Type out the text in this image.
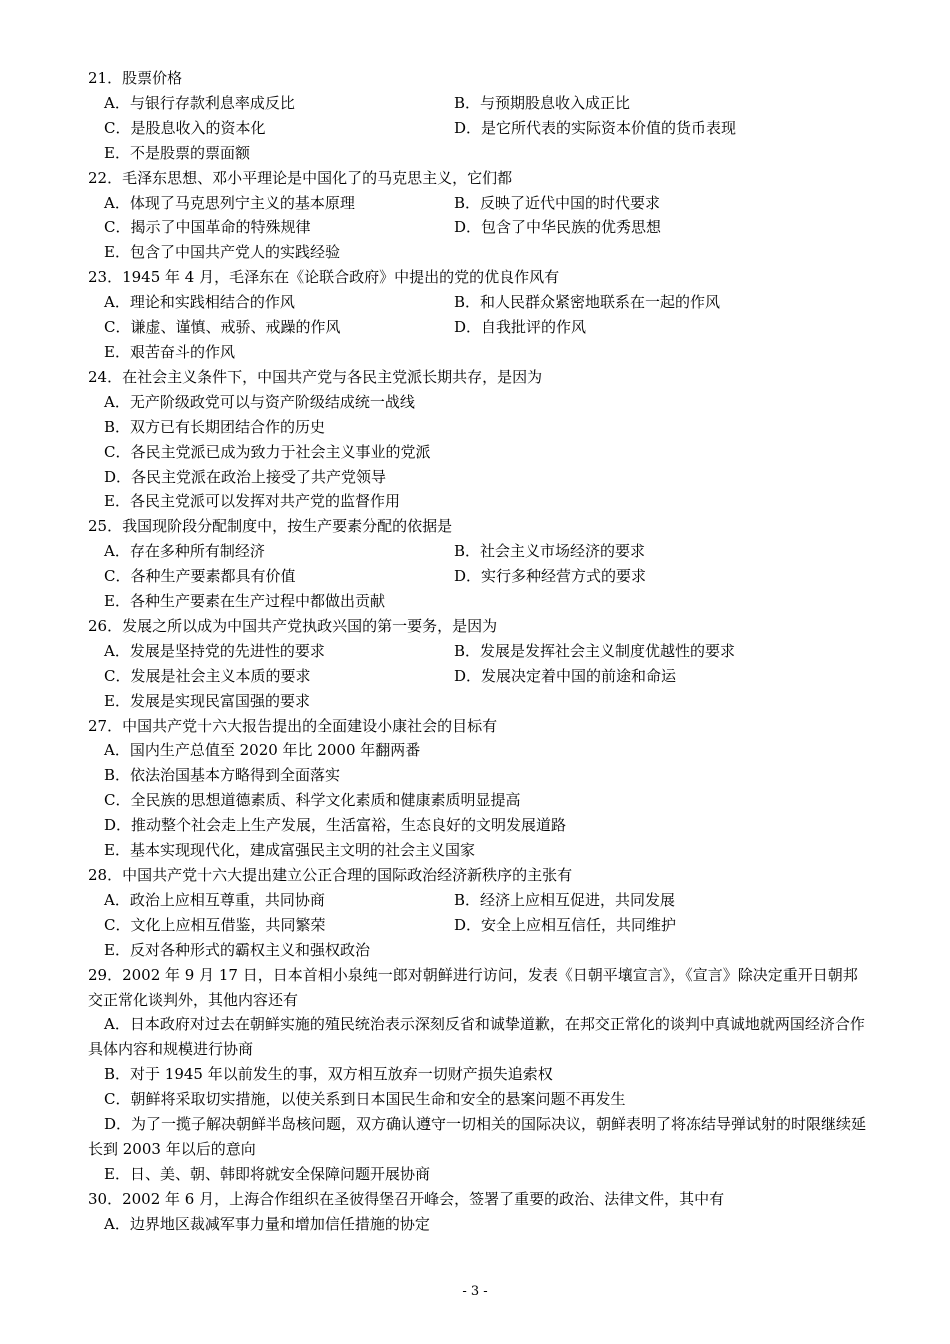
21．股票价格

A．与银行存款利息率成反比	B．与预期股息收入成正比
C．是股息收入的资本化	D．是它所代表的实际资本价值的货币表现
E．不是股票的票面额

22．毛泽东思想、邓小平理论是中国化了的马克思主义，它们都

A．体现了马克思列宁主义的基本原理	B．反映了近代中国的时代要求
C．揭示了中国革命的特殊规律	D．包含了中华民族的优秀思想
E．包含了中国共产党人的实践经验

23．1945 年 4 月，毛泽东在《论联合政府》中提出的党的优良作风有

A．理论和实践相结合的作风	B．和人民群众紧密地联系在一起的作风
C．谦虚、谨慎、戒骄、戒躁的作风	D．自我批评的作风
E．艰苦奋斗的作风

24．在社会主义条件下，中国共产党与各民主党派长期共存，是因为

A．无产阶级政党可以与资产阶级结成统一战线
B．双方已有长期团结合作的历史
C．各民主党派已成为致力于社会主义事业的党派
D．各民主党派在政治上接受了共产党领导
E．各民主党派可以发挥对共产党的监督作用

25．我国现阶段分配制度中，按生产要素分配的依据是

A．存在多种所有制经济	B．社会主义市场经济的要求
C．各种生产要素都具有价值	D．实行多种经营方式的要求
E．各种生产要素在生产过程中都做出贡献

26．发展之所以成为中国共产党执政兴国的第一要务，是因为

A．发展是坚持党的先进性的要求	B．发展是发挥社会主义制度优越性的要求
C．发展是社会主义本质的要求	D．发展决定着中国的前途和命运
E．发展是实现民富国强的要求

27．中国共产党十六大报告提出的全面建设小康社会的目标有

A．国内生产总值至 2020 年比 2000 年翻两番
B．依法治国基本方略得到全面落实
C．全民族的思想道德素质、科学文化素质和健康素质明显提高
D．推动整个社会走上生产发展，生活富裕，生态良好的文明发展道路
E．基本实现现代化，建成富强民主文明的社会主义国家

28．中国共产党十六大提出建立公正合理的国际政治经济新秩序的主张有

A．政治上应相互尊重，共同协商	B．经济上应相互促进，共同发展
C．文化上应相互借鉴，共同繁荣	D．安全上应相互信任，共同维护
E．反对各种形式的霸权主义和强权政治

29．2002 年 9 月 17 日，日本首相小泉纯一郎对朝鲜进行访问，发表《日朝平壤宣言》，《宣言》除决定重开日朝邦交正常化谈判外，其他内容还有

A．日本政府对过去在朝鲜实施的殖民统治表示深刻反省和诚挚道歉，在邦交正常化的谈判中真诚地就两国经济合作具体内容和规模进行协商
B．对于 1945 年以前发生的事，双方相互放弃一切财产损失追索权
C．朝鲜将采取切实措施，以使关系到日本国民生命和安全的悬案问题不再发生
D．为了一揽子解决朝鲜半岛核问题，双方确认遵守一切相关的国际决议，朝鲜表明了将冻结导弹试射的时限继续延长到 2003 年以后的意向
E．日、美、朝、韩即将就安全保障问题开展协商

30．2002 年 6 月，上海合作组织在圣彼得堡召开峰会，签署了重要的政治、法律文件，其中有

A．边界地区裁减军事力量和增加信任措施的协定
- 3 -
